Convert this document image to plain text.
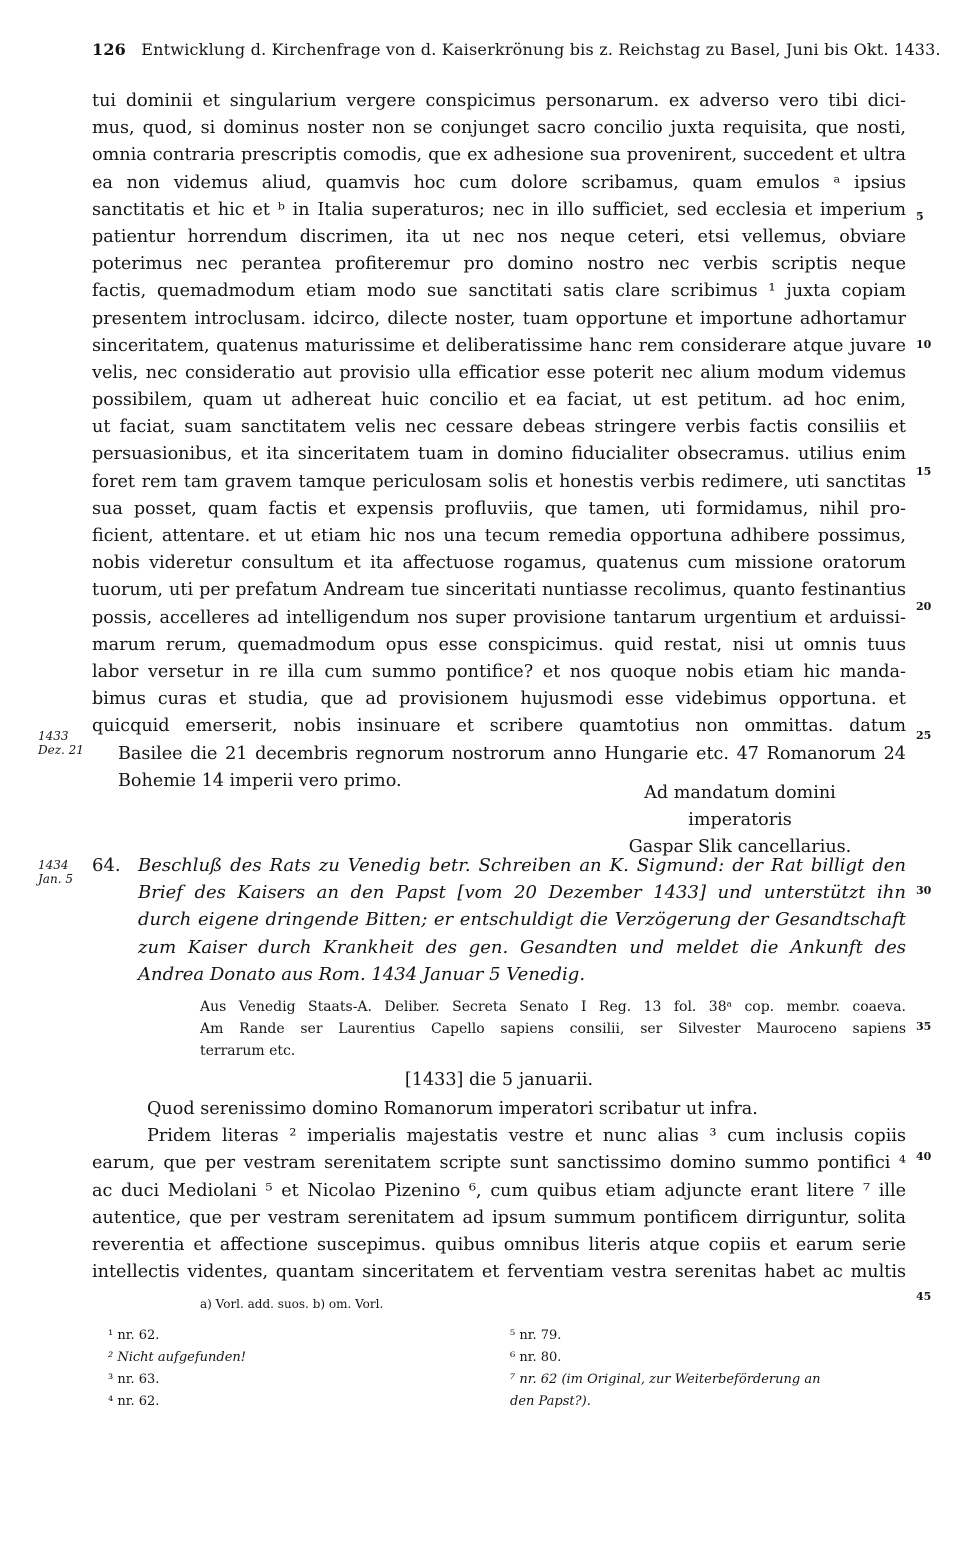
126 Entwicklung d. Kirchenfrage von d. Kaiserkrönung bis z. Reichstag zu Basel, Juni bis Okt. 1433.
tui dominii et singularium vergere conspicimus personarum. ex adverso vero tibi dici-
mus, quod, si dominus noster non se conjunget sacro concilio juxta requisita, que nosti,
omnia contraria prescriptis comodis, que ex adhesione sua provenirent, succedent et ultra
ea non videmus aliud, quamvis hoc cum dolore scribamus, quam emulos ᵃ ipsius
sanctitatis et hic et ᵇ in Italia superaturos; nec in illo sufficiet, sed ecclesia et imperium
patientur horrendum discrimen, ita ut nec nos neque ceteri, etsi vellemus, obviare
poterimus nec perantea profiteremur pro domino nostro nec verbis scriptis neque
factis, quemadmodum etiam modo sue sanctitati satis clare scribimus ¹ juxta copiam
presentem introclusam. idcirco, dilecte noster, tuam opportune et importune adhortamur
sinceritatem, quatenus maturissime et deliberatissime hanc rem considerare atque juvare
velis, nec consideratio aut provisio ulla efficatior esse poterit nec alium modum videmus
possibilem, quam ut adhereat huic concilio et ea faciat, ut est petitum. ad hoc enim,
ut faciat, suam sanctitatem velis nec cessare debeas stringere verbis factis consiliis et
persuasionibus, et ita sinceritatem tuam in domino fiducialiter obsecramus. utilius enim
foret rem tam gravem tamque periculosam solis et honestis verbis redimere, uti sanctitas
sua posset, quam factis et expensis profluviis, que tamen, uti formidamus, nihil pro-
ficient, attentare. et ut etiam hic nos una tecum remedia opportuna adhibere possimus,
nobis videretur consultum et ita affectuose rogamus, quatenus cum missione oratorum
tuorum, uti per prefatum Andream tue sinceritati nuntiasse recolimus, quanto festinantius
possis, accelleres ad intelligendum nos super provisione tantarum urgentium et arduissi-
marum rerum, quemadmodum opus esse conspicimus. quid restat, nisi ut omnis tuus
labor versetur in re illa cum summo pontifice? et nos quoque nobis etiam hic manda-
bimus curas et studia, que ad provisionem hujusmodi esse videbimus opportuna. et
quicquid emerserit, nobis insinuare et scribere quamtotius non ommittas. datum
Basilee die 21 decembris regnorum nostrorum anno Hungarie etc. 47 Romanorum 24
Bohemie 14 imperii vero primo.
1433
Dez. 21
1434
Jan. 5
Ad mandatum domini imperatoris
Gaspar Slik cancellarius.
64. Beschluß des Rats zu Venedig betr. Schreiben an K. Sigmund: der Rat billigt den
Brief des Kaisers an den Papst [vom 20 Dezember 1433] und unterstützt ihn
durch eigene dringende Bitten; er entschuldigt die Verzögerung der Gesandtschaft
zum Kaiser durch Krankheit des gen. Gesandten und meldet die Ankunft des
Andrea Donato aus Rom. 1434 Januar 5 Venedig.
Aus Venedig Staats-A. Deliber. Secreta Senato I Reg. 13 fol. 38ᵃ cop. membr. coaeva.
Am Rande ser Laurentius Capello sapiens consilii, ser Silvester Mauroceno sapiens
terrarum etc.
[1433] die 5 januarii.
Quod serenissimo domino Romanorum imperatori scribatur ut infra.
Pridem literas ² imperialis majestatis vestre et nunc alias ³ cum inclusis copiis
earum, que per vestram serenitatem scripte sunt sanctissimo domino summo pontifici ⁴
ac duci Mediolani ⁵ et Nicolao Pizenino ⁶, cum quibus etiam adjuncte erant litere ⁷ ille
autentice, que per vestram serenitatem ad ipsum summum pontificem dirriguntur, solita
reverentia et affectione suscepimus. quibus omnibus literis atque copiis et earum serie
intellectis videntes, quantam sinceritatem et ferventiam vestra serenitas habet ac multis
a) Vorl. add. suos. b) om. Vorl.
¹ nr. 62.
² Nicht aufgefunden!
³ nr. 63.
⁴ nr. 62.
⁵ nr. 79.
⁶ nr. 80.
⁷ nr. 62 (im Original, zur Weiterbeförderung an
den Papst?).
5
10
15
20
25
30
35
40
45
